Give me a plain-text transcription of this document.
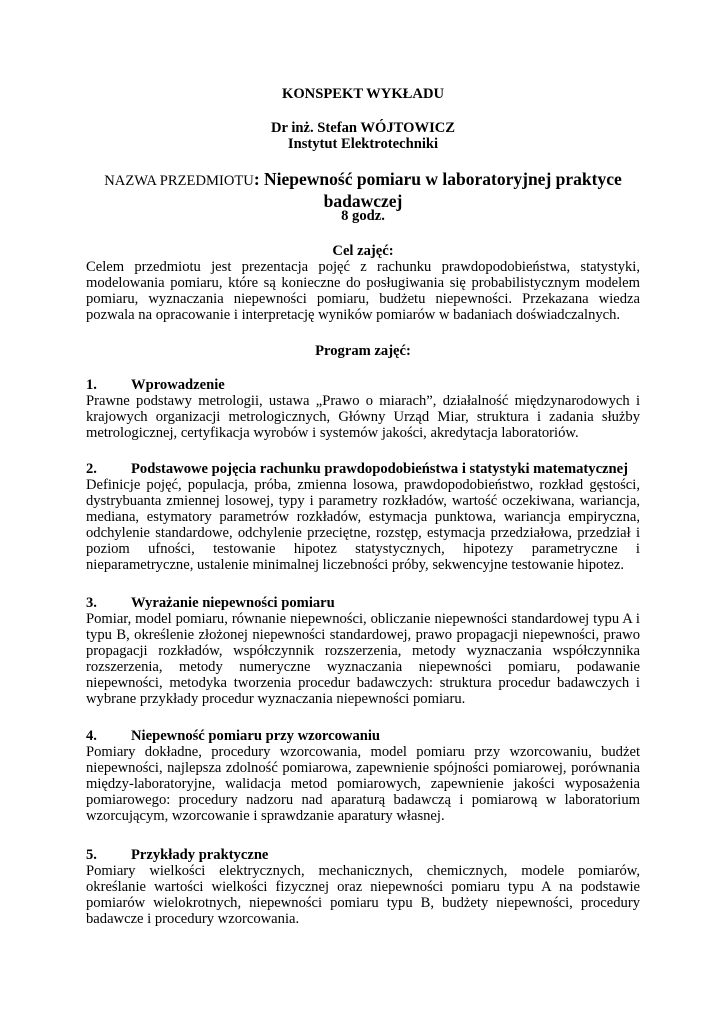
KONSPEKT WYKŁADU

Dr inż. Stefan WÓJTOWICZ

Instytut Elektrotechniki

NAZWA PRZEDMIOTU: Niepewność pomiaru w laboratoryjnej praktyce
badawczej

8 godz.

Cel zajęć:

Celem przedmiotu jest prezentacja pojęć z rachunku prawdopodobieństwa, statystyki, modelowania pomiaru, które są konieczne do posługiwania się probabilistycznym modelem pomiaru, wyznaczania niepewności pomiaru, budżetu niepewności. Przekazana wiedza pozwala na opracowanie i interpretację wyników pomiarów w badaniach doświadczalnych.

Program zajęć:

1. Wprowadzenie

Prawne podstawy metrologii, ustawa „Prawo o miarach”, działalność międzynarodowych i krajowych organizacji metrologicznych, Główny Urząd Miar, struktura i zadania służby metrologicznej, certyfikacja wyrobów i systemów jakości, akredytacja laboratoriów.

2. Podstawowe pojęcia rachunku prawdopodobieństwa i statystyki matematycznej

Definicje pojęć, populacja, próba, zmienna losowa, prawdopodobieństwo, rozkład gęstości, dystrybuanta zmiennej losowej, typy i parametry rozkładów, wartość oczekiwana, wariancja, mediana, estymatory parametrów rozkładów, estymacja punktowa, wariancja empiryczna, odchylenie standardowe, odchylenie przeciętne, rozstęp, estymacja przedziałowa, przedział i poziom ufności, testowanie hipotez statystycznych, hipotezy parametryczne i nieparametryczne, ustalenie minimalnej liczebności próby, sekwencyjne testowanie hipotez.

3. Wyrażanie niepewności pomiaru

Pomiar, model pomiaru, równanie niepewności, obliczanie niepewności standardowej typu A i typu B, określenie złożonej niepewności standardowej, prawo propagacji niepewności, prawo propagacji rozkładów, współczynnik rozszerzenia, metody wyznaczania współczynnika rozszerzenia, metody numeryczne wyznaczania niepewności pomiaru, podawanie niepewności, metodyka tworzenia procedur badawczych: struktura procedur badawczych i wybrane przykłady procedur wyznaczania niepewności pomiaru.

4. Niepewność pomiaru przy wzorcowaniu

Pomiary dokładne, procedury wzorcowania, model pomiaru przy wzorcowaniu, budżet niepewności, najlepsza zdolność pomiarowa, zapewnienie spójności pomiarowej, porównania między-laboratoryjne, walidacja metod pomiarowych, zapewnienie jakości wyposażenia pomiarowego: procedury nadzoru nad aparaturą badawczą i pomiarową w laboratorium wzorcującym, wzorcowanie i sprawdzanie aparatury własnej.

5. Przykłady praktyczne

Pomiary wielkości elektrycznych, mechanicznych, chemicznych, modele pomiarów, określanie wartości wielkości fizycznej oraz niepewności pomiaru typu A na podstawie pomiarów wielokrotnych, niepewności pomiaru typu B, budżety niepewności, procedury badawcze i procedury wzorcowania.
